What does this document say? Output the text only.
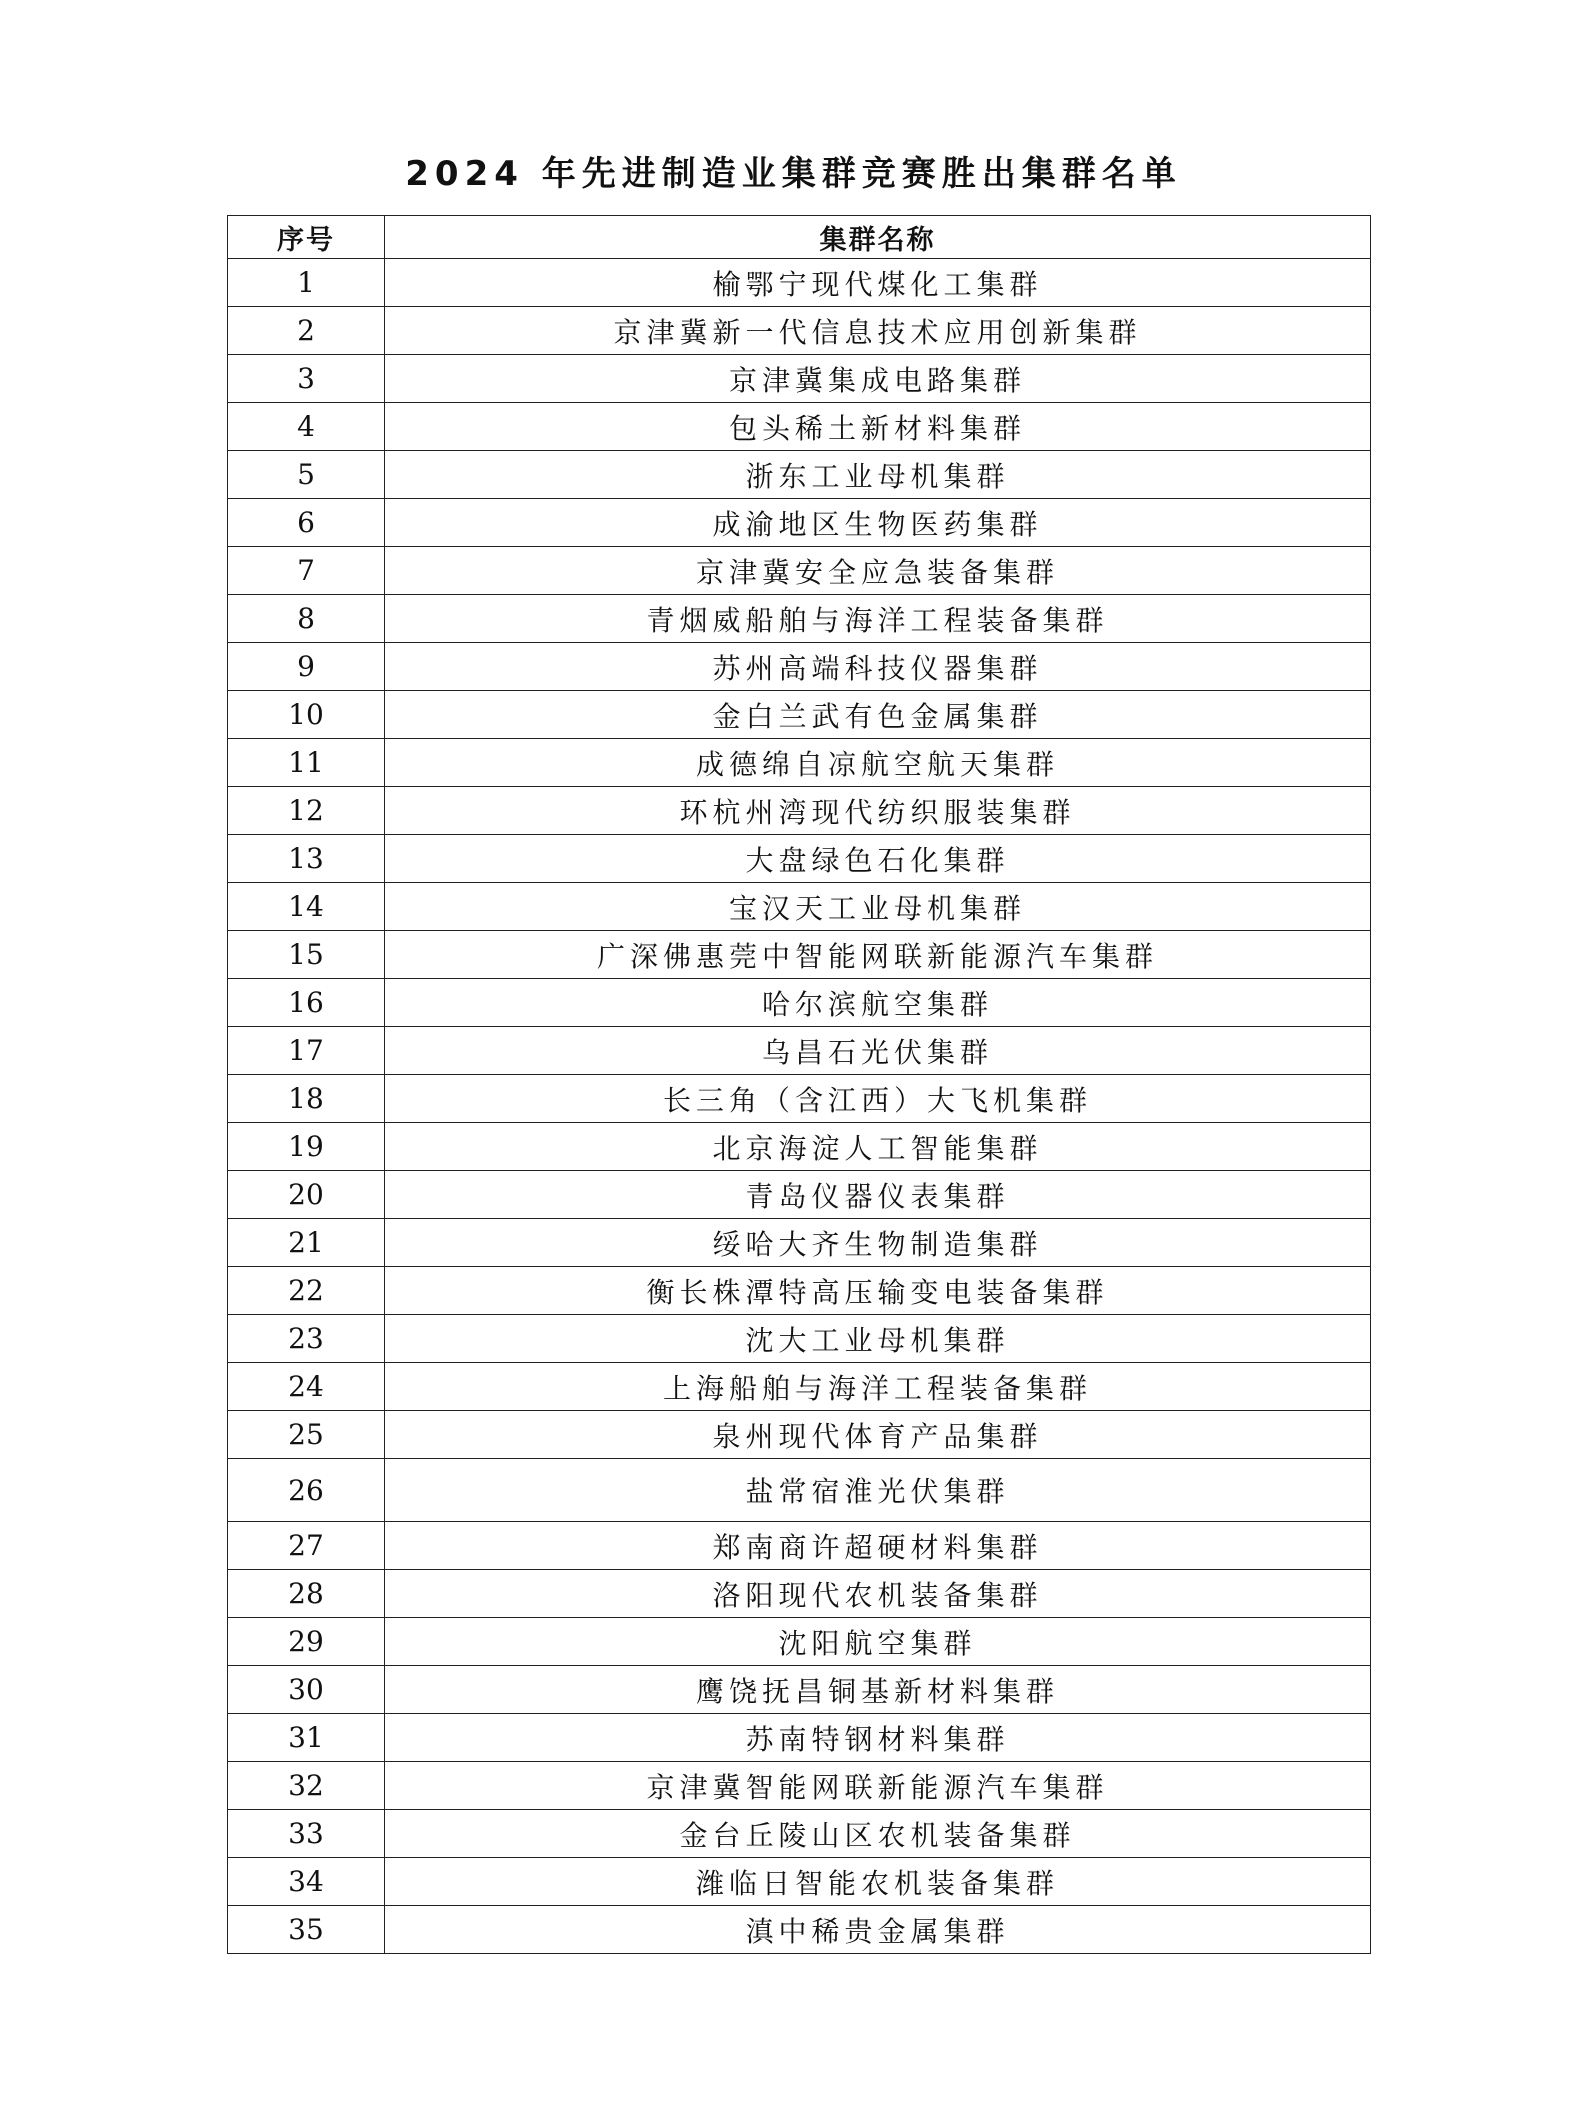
2024 年先进制造业集群竞赛胜出集群名单
序号	集群名称
1	榆鄂宁现代煤化工集群
2	京津冀新一代信息技术应用创新集群
3	京津冀集成电路集群
4	包头稀土新材料集群
5	浙东工业母机集群
6	成渝地区生物医药集群
7	京津冀安全应急装备集群
8	青烟威船舶与海洋工程装备集群
9	苏州高端科技仪器集群
10	金白兰武有色金属集群
11	成德绵自凉航空航天集群
12	环杭州湾现代纺织服装集群
13	大盘绿色石化集群
14	宝汉天工业母机集群
15	广深佛惠莞中智能网联新能源汽车集群
16	哈尔滨航空集群
17	乌昌石光伏集群
18	长三角（含江西）大飞机集群
19	北京海淀人工智能集群
20	青岛仪器仪表集群
21	绥哈大齐生物制造集群
22	衡长株潭特高压输变电装备集群
23	沈大工业母机集群
24	上海船舶与海洋工程装备集群
25	泉州现代体育产品集群
26	盐常宿淮光伏集群
27	郑南商许超硬材料集群
28	洛阳现代农机装备集群
29	沈阳航空集群
30	鹰饶抚昌铜基新材料集群
31	苏南特钢材料集群
32	京津冀智能网联新能源汽车集群
33	金台丘陵山区农机装备集群
34	潍临日智能农机装备集群
35	滇中稀贵金属集群
